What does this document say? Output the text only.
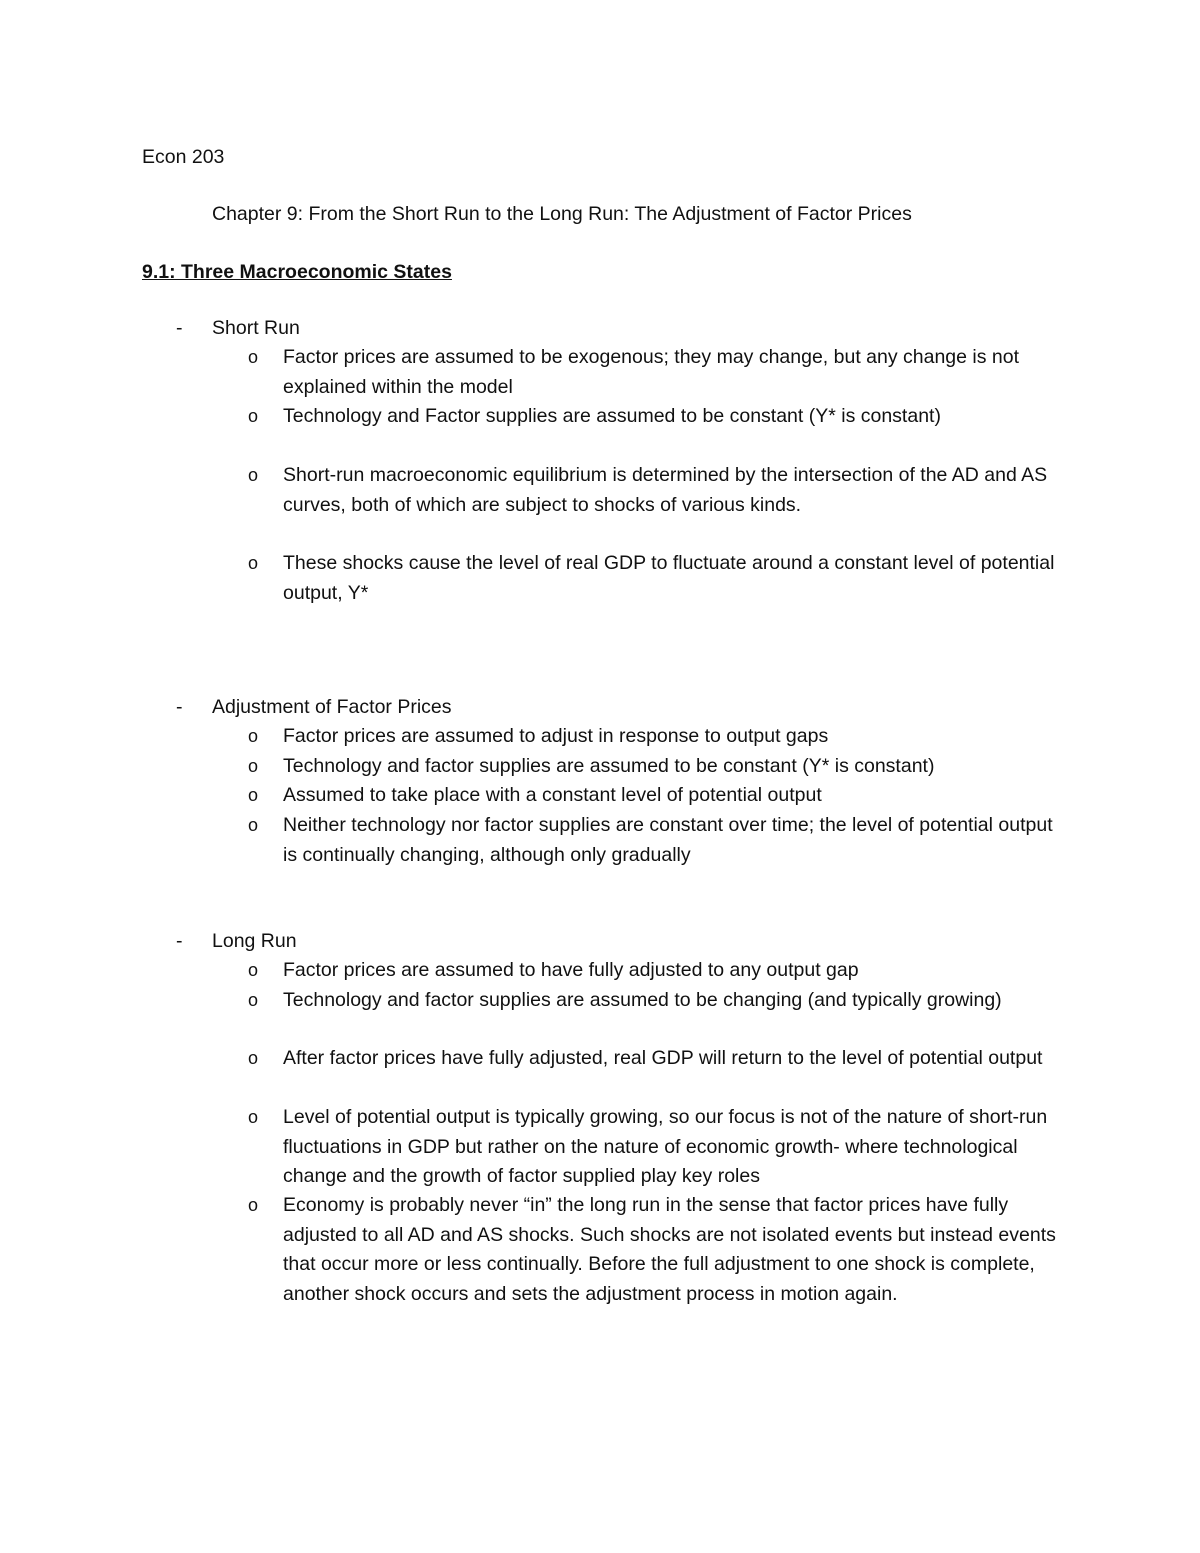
Econ 203
Chapter 9: From the Short Run to the Long Run: The Adjustment of Factor Prices
9.1: Three Macroeconomic States
- Short Run
o Factor prices are assumed to be exogenous; they may change, but any change is not explained within the model
o Technology and Factor supplies are assumed to be constant (Y* is constant)
o Short-run macroeconomic equilibrium is determined by the intersection of the AD and AS curves, both of which are subject to shocks of various kinds.
o These shocks cause the level of real GDP to fluctuate around a constant level of potential output, Y*
- Adjustment of Factor Prices
o Factor prices are assumed to adjust in response to output gaps
o Technology and factor supplies are assumed to be constant (Y* is constant)
o Assumed to take place with a constant level of potential output
o Neither technology nor factor supplies are constant over time; the level of potential output is continually changing, although only gradually
- Long Run
o Factor prices are assumed to have fully adjusted to any output gap
o Technology and factor supplies are assumed to be changing (and typically growing)
o After factor prices have fully adjusted, real GDP will return to the level of potential output
o Level of potential output is typically growing, so our focus is not of the nature of short-run fluctuations in GDP but rather on the nature of economic growth- where technological change and the growth of factor supplied play key roles
o Economy is probably never “in” the long run in the sense that factor prices have fully adjusted to all AD and AS shocks. Such shocks are not isolated events but instead events that occur more or less continually. Before the full adjustment to one shock is complete, another shock occurs and sets the adjustment process in motion again.
